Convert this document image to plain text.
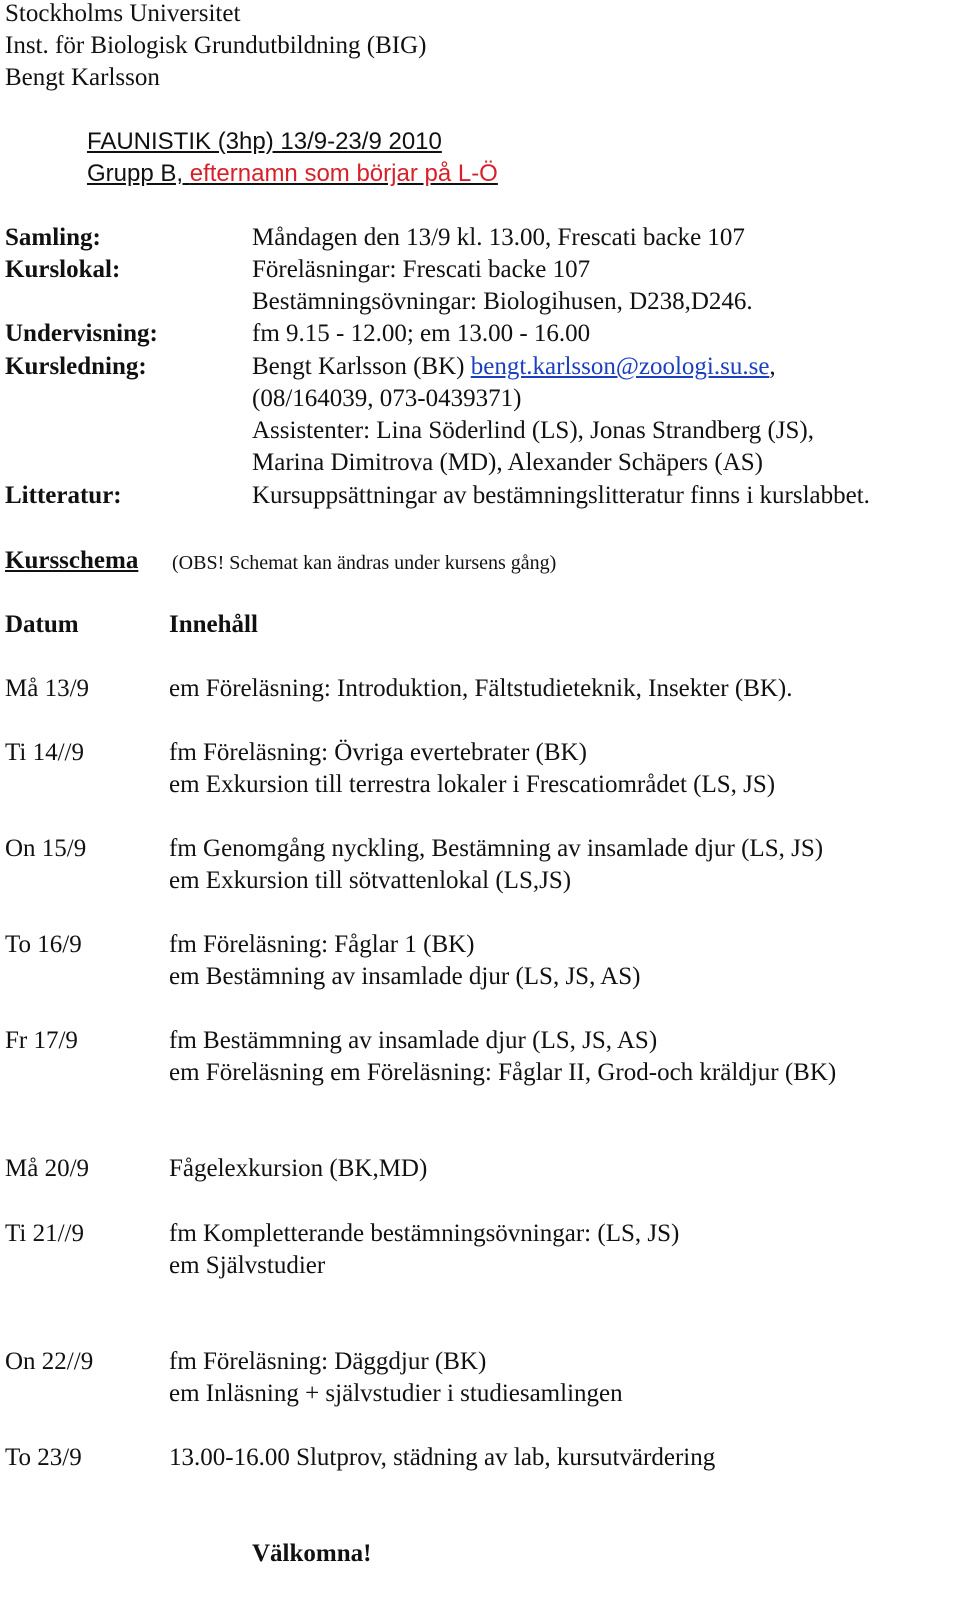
Stockholms Universitet
Inst. för Biologisk Grundutbildning (BIG)
Bengt Karlsson
FAUNISTIK (3hp) 13/9-23/9 2010
Grupp B, efternamn som börjar på L-Ö
Samling:	Måndagen den 13/9 kl. 13.00, Frescati backe 107
Kurslokal:	Föreläsningar: Frescati backe 107
Bestämningsövningar: Biologihusen, D238,D246.
Undervisning:	fm 9.15 - 12.00; em 13.00 - 16.00
Kursledning:	Bengt Karlsson (BK) bengt.karlsson@zoologi.su.se,
(08/164039, 073-0439371)
Assistenter: Lina Söderlind (LS), Jonas Strandberg (JS),
Marina Dimitrova (MD), Alexander Schäpers (AS)
Litteratur:	Kursuppsättningar av bestämningslitteratur finns i kurslabbet.
Kursschema (OBS! Schemat kan ändras under kursens gång)
Datum	Innehåll
Må 13/9	em Föreläsning: Introduktion, Fältstudieteknik, Insekter (BK).
Ti 14//9	fm Föreläsning: Övriga evertebrater (BK)
em Exkursion till terrestra lokaler i Frescatiområdet (LS, JS)
On 15/9	fm Genomgång nyckling, Bestämning av insamlade djur (LS, JS)
em Exkursion till sötvattenlokal (LS,JS)
To 16/9	fm Föreläsning: Fåglar 1 (BK)
em Bestämning av insamlade djur (LS, JS, AS)
Fr 17/9	fm Bestämmning av insamlade djur (LS, JS, AS)
em Föreläsning em Föreläsning: Fåglar II, Grod-och kräldjur (BK)
Må 20/9	Fågelexkursion (BK,MD)
Ti 21//9	fm Kompletterande bestämningsövningar: (LS, JS)
em Självstudier
On 22//9	fm Föreläsning: Däggdjur (BK)
em Inläsning + självstudier i studiesamlingen
To 23/9	13.00-16.00 Slutprov, städning av lab, kursutvärdering
Välkomna!
